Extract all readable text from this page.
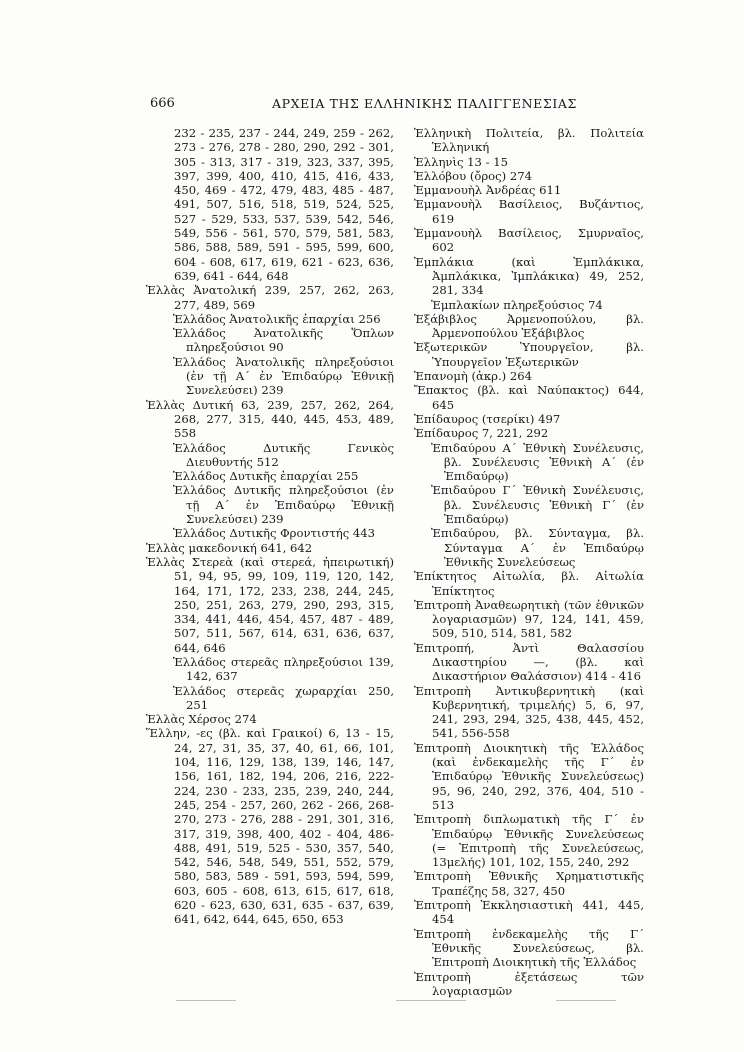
666	ΑΡΧΕΙΑ ΤΗΣ ΕΛΛΗΝΙΚΗΣ ΠΑΛΙΓΓΕΝΕΣΙΑΣ
232 - 235, 237 - 244, 249, 259 - 262, 273 - 276, 278 - 280, 290, 292 - 301, 305 - 313, 317 - 319, 323, 337, 395, 397, 399, 400, 410, 415, 416, 433, 450, 469 - 472, 479, 483, 485 - 487, 491, 507, 516, 518, 519, 524, 525, 527 - 529, 533, 537, 539, 542, 546, 549, 556 - 561, 570, 579, 581, 583, 586, 588, 589, 591 - 595, 599, 600, 604 - 608, 617, 619, 621 - 623, 636, 639, 641 - 644, 648
Ἑλλὰς Ἀνατολική 239, 257, 262, 263, 277, 489, 569
Ἑλλάδος Ἀνατολικῆς ἐπαρχίαι 256
Ἑλλάδος Ἀνατολικῆς Ὅπλων πληρεξούσιοι 90
Ἑλλάδος Ἀνατολικῆς πληρεξούσιοι (ἐν τῇ Α΄ ἐν Ἐπιδαύρῳ Ἐθνικῇ Συνελεύσει) 239
Ἑλλὰς Δυτική 63, 239, 257, 262, 264, 268, 277, 315, 440, 445, 453, 489, 558
Ἑλλάδος Δυτικῆς Γενικὸς Διευθυντής 512
Ἑλλάδος Δυτικῆς ἐπαρχίαι 255
Ἑλλάδος Δυτικῆς πληρεξούσιοι (ἐν τῇ Α΄ ἐν Ἐπιδαύρῳ Ἐθνικῇ Συνελεύσει) 239
Ἑλλάδος Δυτικῆς Φροντιστής 443
Ἑλλὰς μακεδονική 641, 642
Ἑλλὰς Στερεὰ (καὶ στερεά, ἠπειρωτική) 51, 94, 95, 99, 109, 119, 120, 142, 164, 171, 172, 233, 238, 244, 245, 250, 251, 263, 279, 290, 293, 315, 334, 441, 446, 454, 457, 487 - 489, 507, 511, 567, 614, 631, 636, 637, 644, 646
Ἑλλάδος στερεᾶς πληρεξούσιοι 139, 142, 637
Ἑλλάδος στερεᾶς χωραρχίαι 250, 251
Ἑλλὰς Χέρσος 274
Ἕλλην, -ες (βλ. καὶ Γραικοί) 6, 13 - 15, 24, 27, 31, 35, 37, 40, 61, 66, 101, 104, 116, 129, 138, 139, 146, 147, 156, 161, 182, 194, 206, 216, 222-224, 230 - 233, 235, 239, 240, 244, 245, 254 - 257, 260, 262 - 266, 268-270, 273 - 276, 288 - 291, 301, 316, 317, 319, 398, 400, 402 - 404, 486-488, 491, 519, 525 - 530, 357, 540, 542, 546, 548, 549, 551, 552, 579, 580, 583, 589 - 591, 593, 594, 599, 603, 605 - 608, 613, 615, 617, 618, 620 - 623, 630, 631, 635 - 637, 639, 641, 642, 644, 645, 650, 653
Ἑλληνικὴ Πολιτεία, βλ. Πολιτεία Ἑλληνική
Ἑλληνὶς 13 - 15
Ἑλλόβου (ὄρος) 274
Ἐμμανουὴλ Ἀνδρέας 611
Ἐμμανουὴλ Βασίλειος, Βυζάντιος, 619
Ἐμμανουὴλ Βασίλειος, Σμυρναῖος, 602
Ἐμπλάκια (καὶ Ἐμπλάκικα, Ἀμπλάκικα, Ἰμπλάκικα) 49, 252, 281, 334
Ἐμπλακίων πληρεξούσιος 74
Ἐξάβιβλος Ἀρμενοπούλου, βλ. Ἀρμενοπούλου Ἐξάβιβλος
Ἐξωτερικῶν Ὑπουργεῖον, βλ. Ὑπουργεῖον Ἐξωτερικῶν
Ἐπανομὴ (ἀκρ.) 264
Ἔπακτος (βλ. καὶ Ναύπακτος) 644, 645
Ἐπίδαυρος (τσερίκι) 497
Ἐπίδαυρος 7, 221, 292
Ἐπιδαύρου Α΄ Ἐθνικὴ Συνέλευσις, βλ. Συνέλευσις Ἐθνικὴ Α΄ (ἐν Ἐπιδαύρῳ)
Ἐπιδαύρου Γ΄ Ἐθνικὴ Συνέλευσις, βλ. Συνέλευσις Ἐθνικὴ Γ΄ (ἐν Ἐπιδαύρῳ)
Ἐπιδαύρου, βλ. Σύνταγμα, βλ. Σύνταγμα Α΄ ἐν Ἐπιδαύρῳ Ἐθνικῆς Συνελεύσεως
Ἐπίκτητος Αἰτωλία, βλ. Αἰτωλία Ἐπίκτητος
Ἐπιτροπὴ Ἀναθεωρητικὴ (τῶν ἐθνικῶν λογαριασμῶν) 97, 124, 141, 459, 509, 510, 514, 581, 582
Ἐπιτροπή, Ἀντὶ Θαλασσίου Δικαστηρίου —, (βλ. καὶ Δικαστήριον Θαλάσσιον) 414 - 416
Ἐπιτροπὴ Ἀντικυβερνητικὴ (καὶ Κυβερνητική, τριμελής) 5, 6, 97, 241, 293, 294, 325, 438, 445, 452, 541, 556-558
Ἐπιτροπὴ Διοικητικὴ τῆς Ἑλλάδος (καὶ ἐνδεκαμελὴς τῆς Γ΄ ἐν Ἐπιδαύρῳ Ἐθνικῆς Συνελεύσεως) 95, 96, 240, 292, 376, 404, 510 - 513
Ἐπιτροπὴ διπλωματικὴ τῆς Γ΄ ἐν Ἐπιδαύρῳ Ἐθνικῆς Συνελεύσεως (= Ἐπιτροπὴ τῆς Συνελεύσεως, 13μελής) 101, 102, 155, 240, 292
Ἐπιτροπὴ Ἐθνικῆς Χρηματιστικῆς Τραπέζης 58, 327, 450
Ἐπιτροπὴ Ἐκκλησιαστικὴ 441, 445, 454
Ἐπιτροπὴ ἐνδεκαμελὴς τῆς Γ΄ Ἐθνικῆς Συνελεύσεως, βλ. Ἐπιτροπὴ Διοικητικὴ τῆς Ἑλλάδος
Ἐπιτροπὴ ἐξετάσεως τῶν λογαριασμῶν
